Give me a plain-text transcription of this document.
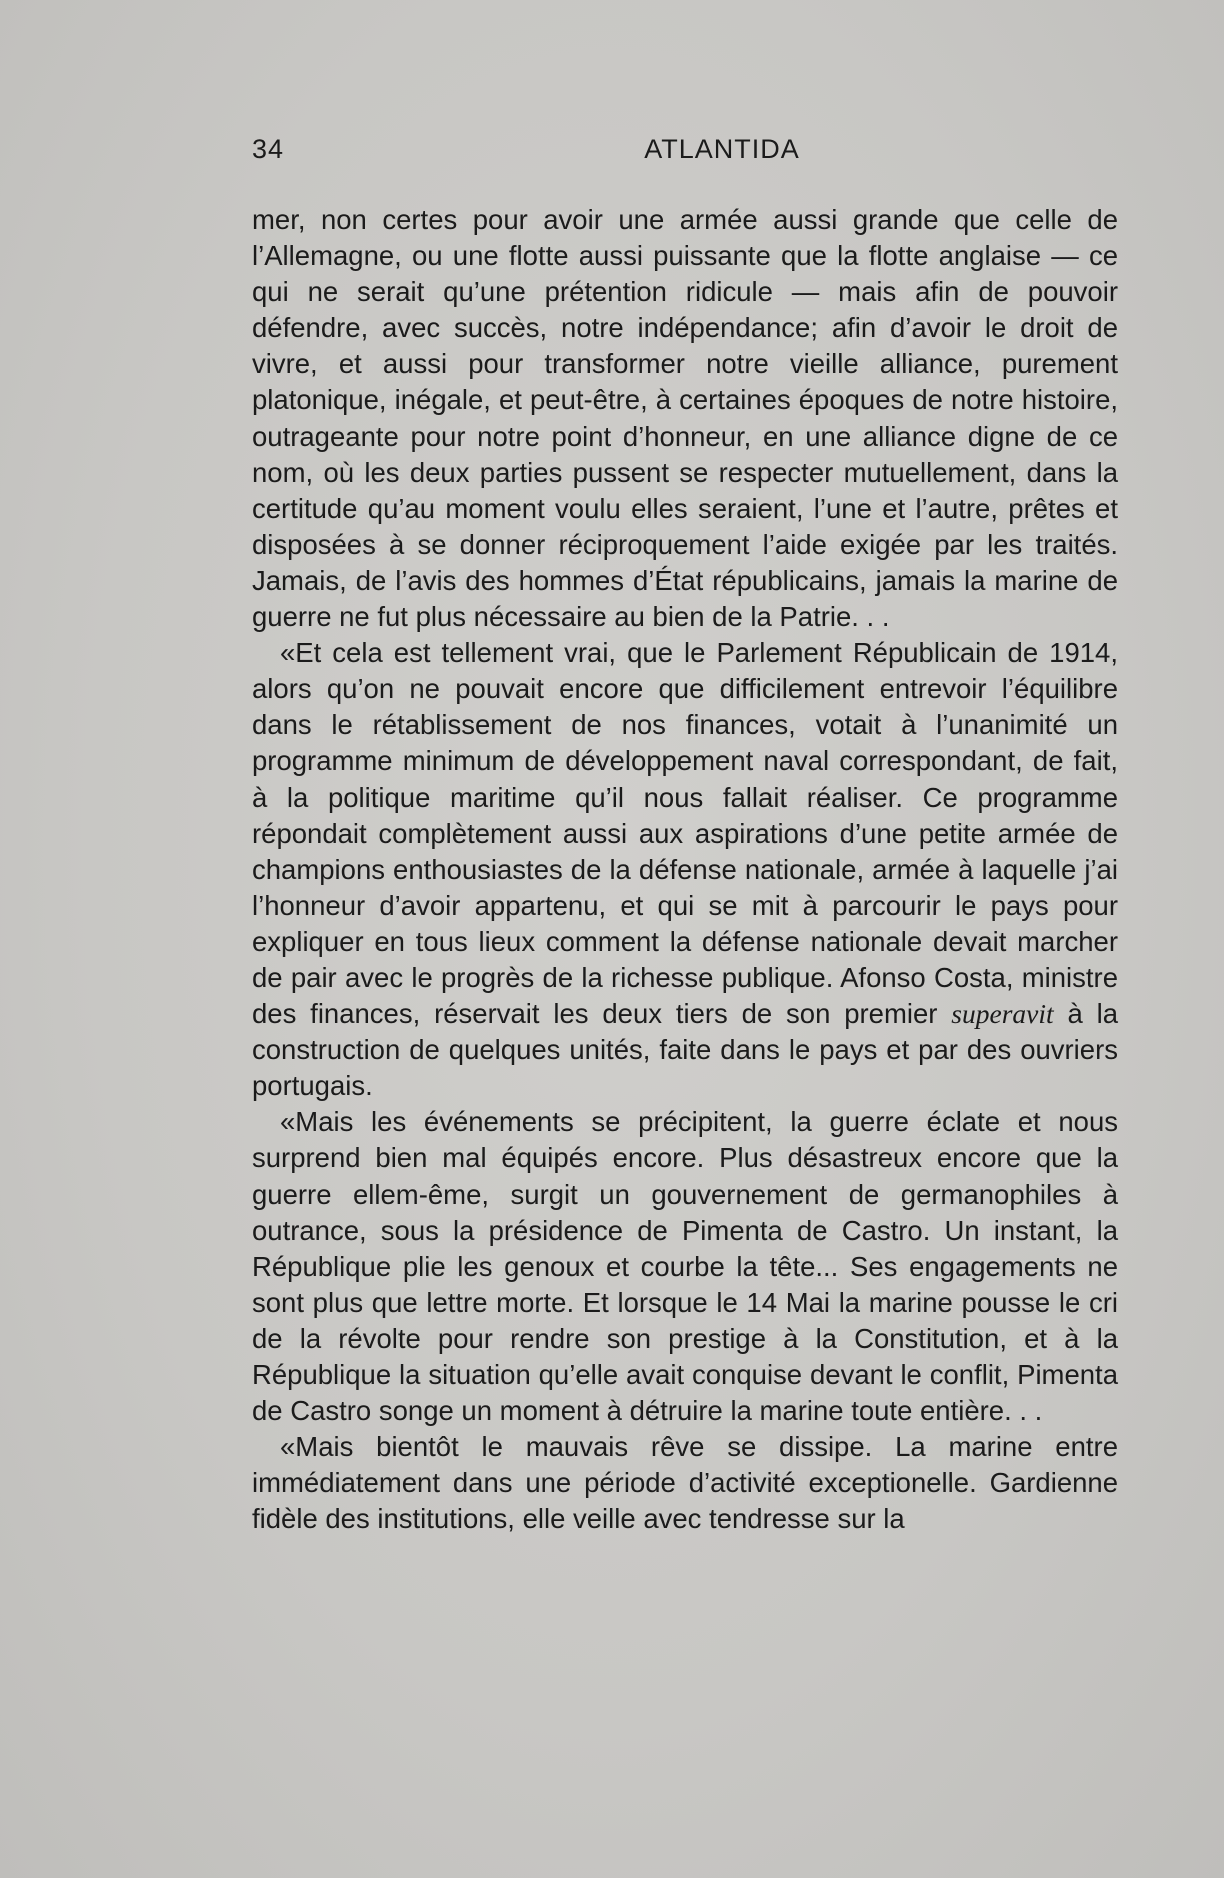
34	ATLANTIDA

mer, non certes pour avoir une armée aussi grande que celle de l’Allemagne, ou une flotte aussi puissante que la flotte anglaise — ce qui ne serait qu’une prétention ridicule — mais afin de pouvoir défendre, avec succès, notre indépendance; afin d’avoir le droit de vivre, et aussi pour transformer notre vieille alliance, purement platonique, inégale, et peut-être, à certaines époques de notre histoire, outrageante pour notre point d’honneur, en une alliance digne de ce nom, où les deux parties pussent se respecter mutuellement, dans la certitude qu’au moment voulu elles seraient, l’une et l’autre, prêtes et disposées à se donner réciproquement l’aide exigée par les traités. Jamais, de l’avis des hommes d’État républicains, jamais la marine de guerre ne fut plus nécessaire au bien de la Patrie. . .

«Et cela est tellement vrai, que le Parlement Républicain de 1914, alors qu’on ne pouvait encore que difficilement entrevoir l’équilibre dans le rétablissement de nos finances, votait à l’unanimité un programme minimum de développement naval correspondant, de fait, à la politique maritime qu’il nous fallait réaliser. Ce programme répondait complètement aussi aux aspirations d’une petite armée de champions enthousiastes de la défense nationale, armée à laquelle j’ai l’honneur d’avoir appartenu, et qui se mit à parcourir le pays pour expliquer en tous lieux comment la défense nationale devait marcher de pair avec le progrès de la richesse publique. Afonso Costa, ministre des finances, réservait les deux tiers de son premier superavit à la construction de quelques unités, faite dans le pays et par des ouvriers portugais.

«Mais les événements se précipitent, la guerre éclate et nous surprend bien mal équipés encore. Plus désastreux encore que la guerre ellem-ême, surgit un gouvernement de germanophiles à outrance, sous la présidence de Pimenta de Castro. Un instant, la République plie les genoux et courbe la tête... Ses engagements ne sont plus que lettre morte. Et lorsque le 14 Mai la marine pousse le cri de la révolte pour rendre son prestige à la Constitution, et à la République la situation qu’elle avait conquise devant le conflit, Pimenta de Castro songe un moment à détruire la marine toute entière. . .

«Mais bientôt le mauvais rêve se dissipe. La marine entre immédiatement dans une période d’activité exceptionelle. Gardienne fidèle des institutions, elle veille avec tendresse sur la
